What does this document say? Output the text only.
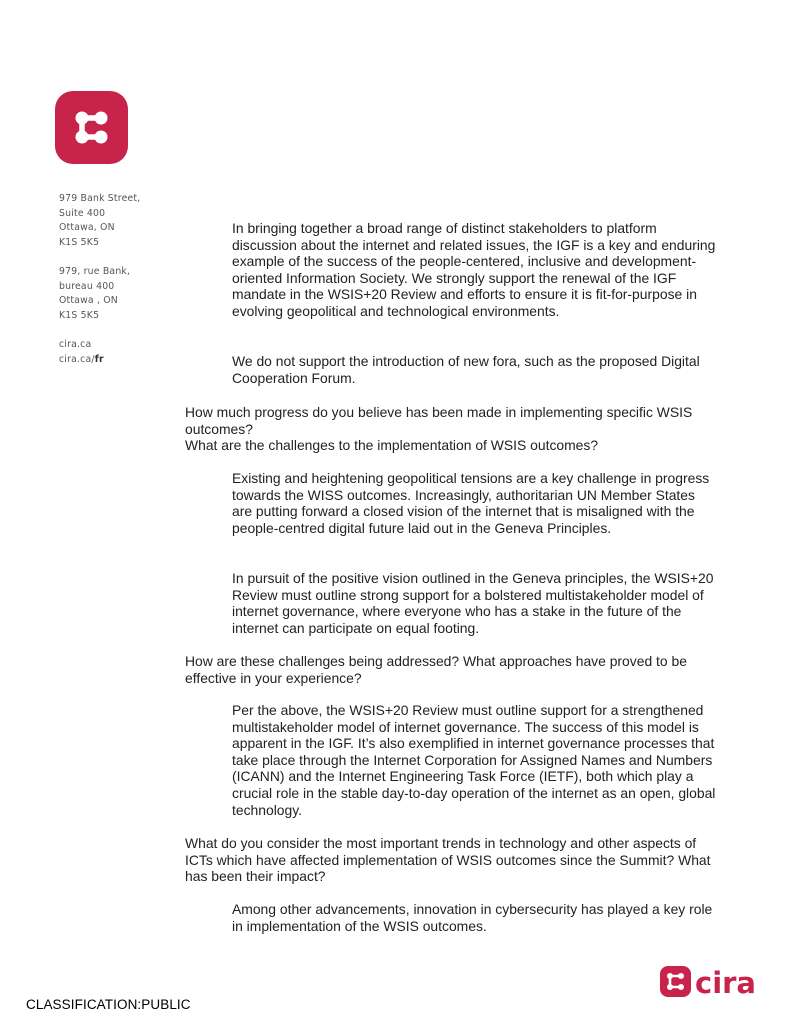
979 Bank Street,
Suite 400
Ottawa, ON
K1S 5K5
979, rue Bank,
bureau 400
Ottawa , ON
K1S 5K5
cira.ca
cira.ca/fr
In bringing together a broad range of distinct stakeholders to platform discussion about the internet and related issues, the IGF is a key and enduring example of the success of the people-centered, inclusive and development-oriented Information Society. We strongly support the renewal of the IGF mandate in the WSIS+20 Review and efforts to ensure it is fit-for-purpose in evolving geopolitical and technological environments.
We do not support the introduction of new fora, such as the proposed Digital Cooperation Forum.
How much progress do you believe has been made in implementing specific WSIS outcomes?
What are the challenges to the implementation of WSIS outcomes?
Existing and heightening geopolitical tensions are a key challenge in progress towards the WISS outcomes. Increasingly, authoritarian UN Member States are putting forward a closed vision of the internet that is misaligned with the people-centred digital future laid out in the Geneva Principles.
In pursuit of the positive vision outlined in the Geneva principles, the WSIS+20 Review must outline strong support for a bolstered multistakeholder model of internet governance, where everyone who has a stake in the future of the internet can participate on equal footing.
How are these challenges being addressed? What approaches have proved to be effective in your experience?
Per the above, the WSIS+20 Review must outline support for a strengthened multistakeholder model of internet governance. The success of this model is apparent in the IGF. It’s also exemplified in internet governance processes that take place through the Internet Corporation for Assigned Names and Numbers (ICANN) and the Internet Engineering Task Force (IETF), both which play a crucial role in the stable day-to-day operation of the internet as an open, global technology.
What do you consider the most important trends in technology and other aspects of ICTs which have affected implementation of WSIS outcomes since the Summit? What has been their impact?
Among other advancements, innovation in cybersecurity has played a key role in implementation of the WSIS outcomes.
cira
CLASSIFICATION:PUBLIC
